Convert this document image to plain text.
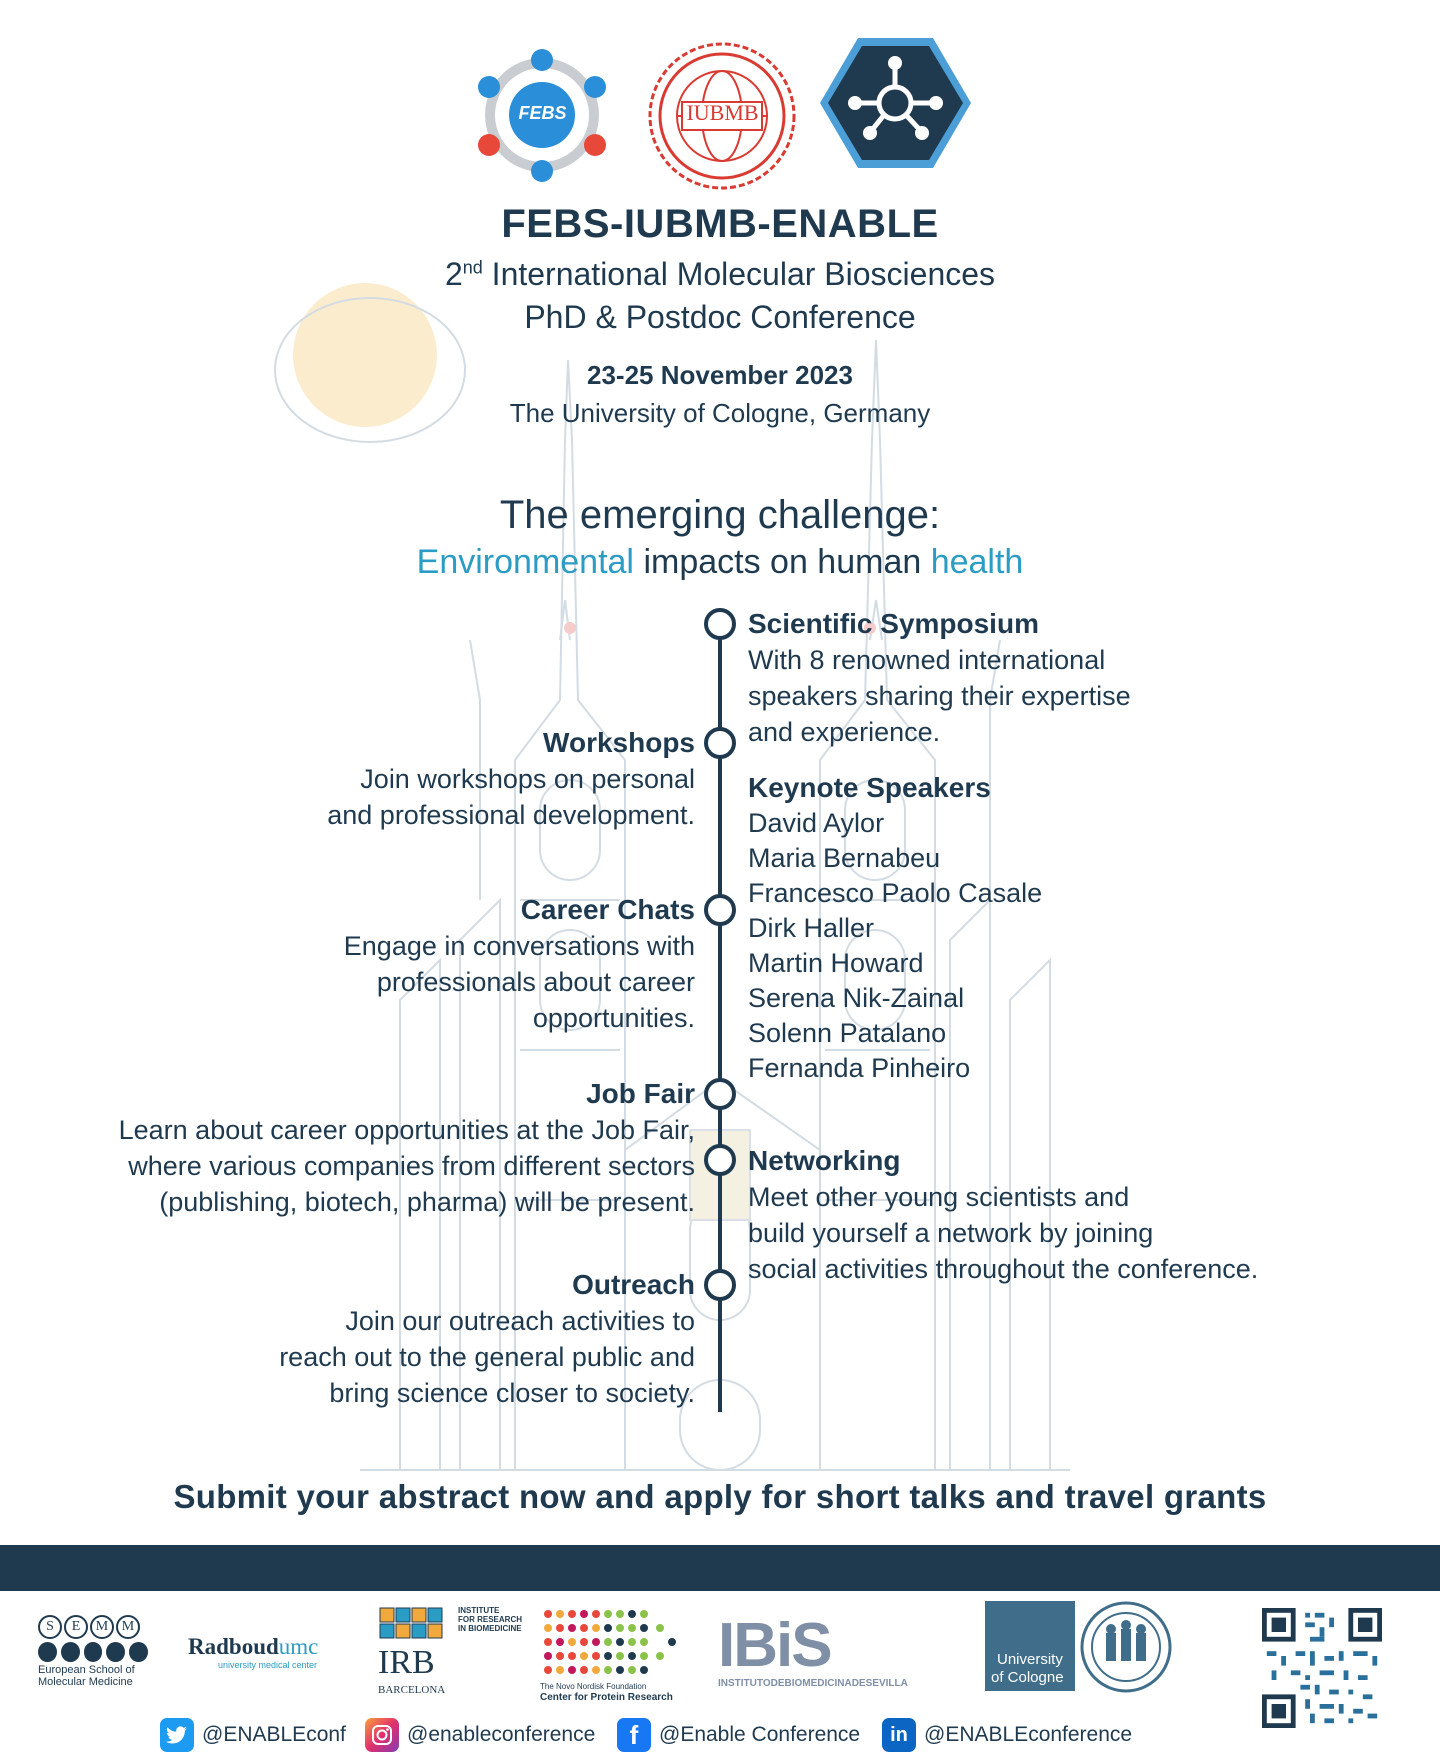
FEBS	IUBMB
FEBS-IUBMB-ENABLE
2nd International Molecular Biosciences
PhD & Postdoc Conference
23-25 November 2023
The University of Cologne, Germany
The emerging challenge:
Environmental impacts on human health
Scientific Symposium
With 8 renowned international
speakers sharing their expertise
and experience.
Keynote Speakers
David Aylor
Maria Bernabeu
Francesco Paolo Casale
Dirk Haller
Martin Howard
Serena Nik-Zainal
Solenn Patalano
Fernanda Pinheiro
Networking
Meet other young scientists and
build yourself a network by joining
social activities throughout the conference.
Workshops
Join workshops on personal
and professional development.
Career Chats
Engage in conversations with
professionals about career
opportunities.
Job Fair
Learn about career opportunities at the Job Fair,
where various companies from different sectors
(publishing, biotech, pharma) will be present.
Outreach
Join our outreach activities to
reach out to the general public and
bring science closer to society.
Submit your abstract now and apply for short talks and travel grants
S	E	M M
European School of
Molecular Medicine
Radboudumc
university medical center	IRB
BARCELONA
INSTITUTE
FOR RESEARCH
IN BIOMEDICINE
The Novo Nordisk Foundation
Center for Protein Research
IBiS
INSTITUTODEBIOMEDICINADESEVILLA
University
of Cologne
@ENABLEconf	@enableconference	f @Enable Conference	in @ENABLEconference
